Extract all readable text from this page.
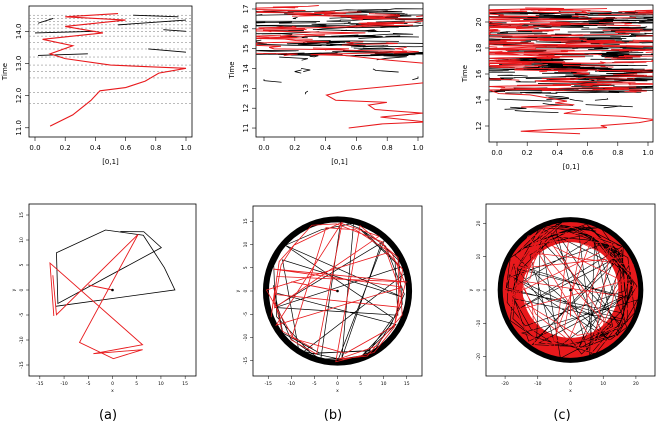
0.0	0.2	0.4	0.6	0.8	1.0
11.0
12.0
13.0
14.0
[0,1]
Time
0.0	0.2	0.4	0.6	0.8	1.0
11
12
13
14
15
16
17
[0,1]
Time
0.0	0.2	0.4	0.6	0.8	1.0
12
14
16
18
20
[0,1]
Time
-15	-10	-5	0	5	10	15
-15
-10
-5
0
5
10
15
x
y
-15	-10	-5	0	5	10	15
-15
-10
-5
0
5
10
15
x
y
-20	-10	0	10	20
-20
-10
0
10
20
x
y
(a)	(b)	(c)
